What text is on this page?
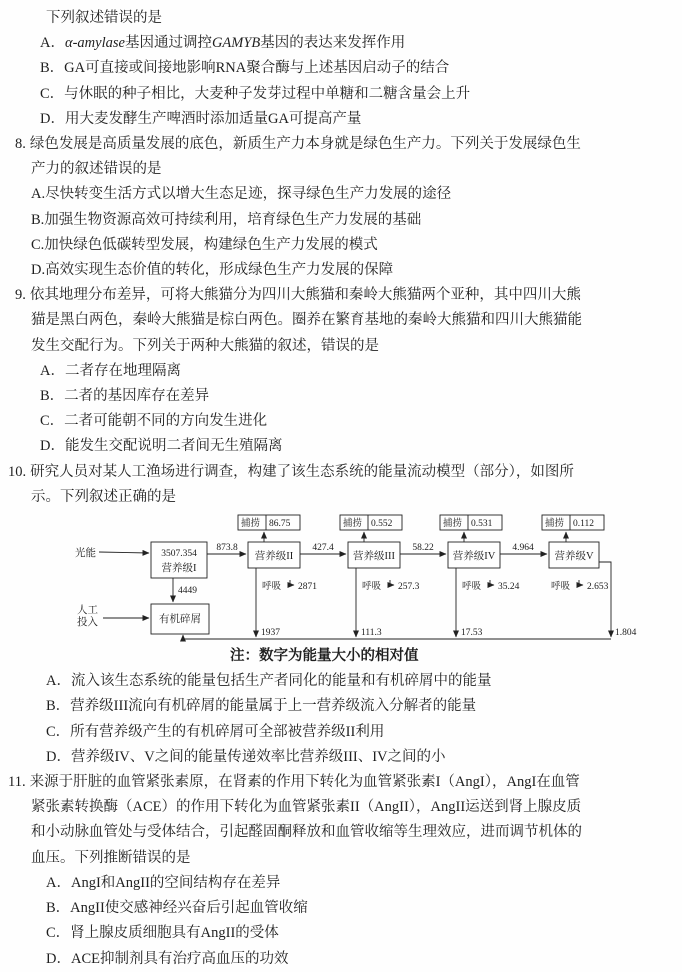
下列叙述错误的是
A．α-amylase基因通过调控GAMYB基因的表达来发挥作用
B．GA可直接或间接地影响RNA聚合酶与上述基因启动子的结合
C．与休眠的种子相比，大麦种子发芽过程中单糖和二糖含量会上升
D．用大麦发酵生产啤酒时添加适量GA可提高产量
8. 绿色发展是高质量发展的底色，新质生产力本身就是绿色生产力。下列关于发展绿色生
产力的叙述错误的是
A.尽快转变生活方式以增大生态足迹，探寻绿色生产力发展的途径
B.加强生物资源高效可持续利用，培育绿色生产力发展的基础
C.加快绿色低碳转型发展，构建绿色生产力发展的模式
D.高效实现生态价值的转化，形成绿色生产力发展的保障
9. 依其地理分布差异，可将大熊猫分为四川大熊猫和秦岭大熊猫两个亚种，其中四川大熊
猫是黑白两色，秦岭大熊猫是棕白两色。圈养在繁育基地的秦岭大熊猫和四川大熊猫能
发生交配行为。下列关于两种大熊猫的叙述，错误的是
A．二者存在地理隔离
B．二者的基因库存在差异
C．二者可能朝不同的方向发生进化
D．能发生交配说明二者间无生殖隔离
10. 研究人员对某人工渔场进行调查，构建了该生态系统的能量流动模型（部分），如图所
示。下列叙述正确的是
光能	3507.354
营养级I
873.8
营养级II
427.4
营养级III
58.22
营养级IV
4.964
营养级V
捕捞 86.75	捕捞 0.552	捕捞 0.531	捕捞 0.112
呼吸 2871	呼吸 257.3	呼吸 35.24	呼吸 2.653
4449
有机碎屑
人工
投入
1937	111.3	17.53	1.804
注：数字为能量大小的相对值
A．流入该生态系统的能量包括生产者同化的能量和有机碎屑中的能量
B．营养级III流向有机碎屑的能量属于上一营养级流入分解者的能量
C．所有营养级产生的有机碎屑可全部被营养级II利用
D．营养级IV、V之间的能量传递效率比营养级III、IV之间的小
11. 来源于肝脏的血管紧张素原，在肾素的作用下转化为血管紧张素I（AngI），AngI在血管
紧张素转换酶（ACE）的作用下转化为血管紧张素II（AngII），AngII运送到肾上腺皮质
和小动脉血管处与受体结合，引起醛固酮释放和血管收缩等生理效应，进而调节机体的
血压。下列推断错误的是
A．AngI和AngII的空间结构存在差异
B．AngII使交感神经兴奋后引起血管收缩
C．肾上腺皮质细胞具有AngII的受体
D．ACE抑制剂具有治疗高血压的功效
